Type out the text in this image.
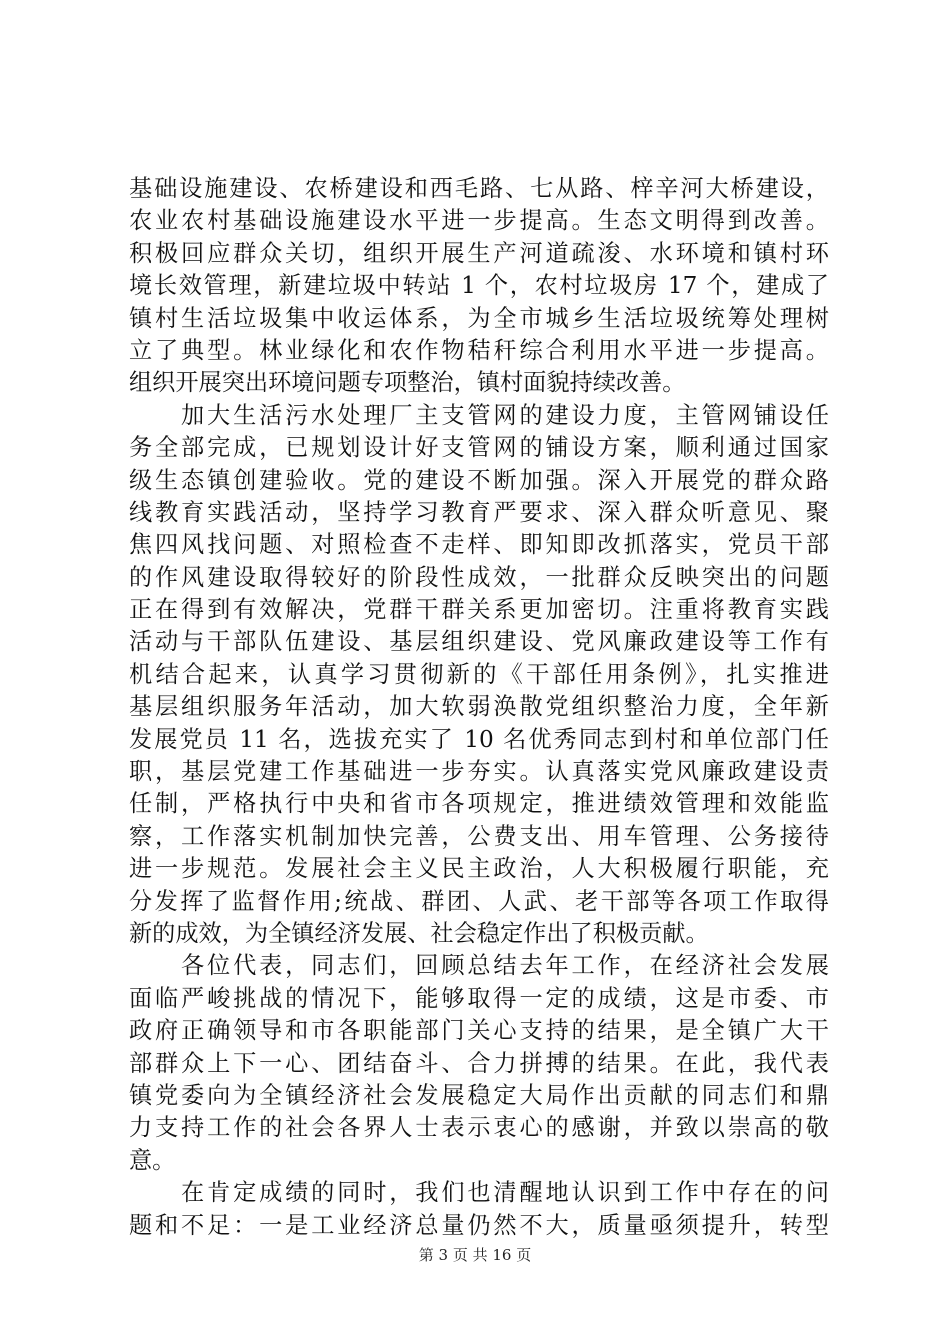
基础设施建设、农桥建设和西毛路、七从路、梓辛河大桥建设，
农业农村基础设施建设水平进一步提高。生态文明得到改善。
积极回应群众关切，组织开展生产河道疏浚、水环境和镇村环
境长效管理，新建垃圾中转站 1 个，农村垃圾房 17 个，建成了
镇村生活垃圾集中收运体系，为全市城乡生活垃圾统筹处理树
立了典型。林业绿化和农作物秸秆综合利用水平进一步提高。
组织开展突出环境问题专项整治，镇村面貌持续改善。
加大生活污水处理厂主支管网的建设力度，主管网铺设任
务全部完成，已规划设计好支管网的铺设方案，顺利通过国家
级生态镇创建验收。党的建设不断加强。深入开展党的群众路
线教育实践活动，坚持学习教育严要求、深入群众听意见、聚
焦四风找问题、对照检查不走样、即知即改抓落实，党员干部
的作风建设取得较好的阶段性成效，一批群众反映突出的问题
正在得到有效解决，党群干群关系更加密切。注重将教育实践
活动与干部队伍建设、基层组织建设、党风廉政建设等工作有
机结合起来，认真学习贯彻新的《干部任用条例》，扎实推进
基层组织服务年活动，加大软弱涣散党组织整治力度，全年新
发展党员 11 名，选拔充实了 10 名优秀同志到村和单位部门任
职，基层党建工作基础进一步夯实。认真落实党风廉政建设责
任制，严格执行中央和省市各项规定，推进绩效管理和效能监
察，工作落实机制加快完善，公费支出、用车管理、公务接待
进一步规范。发展社会主义民主政治，人大积极履行职能，充
分发挥了监督作用;统战、群团、人武、老干部等各项工作取得
新的成效，为全镇经济发展、社会稳定作出了积极贡献。
各位代表，同志们，回顾总结去年工作，在经济社会发展
面临严峻挑战的情况下，能够取得一定的成绩，这是市委、市
政府正确领导和市各职能部门关心支持的结果，是全镇广大干
部群众上下一心、团结奋斗、合力拼搏的结果。在此，我代表
镇党委向为全镇经济社会发展稳定大局作出贡献的同志们和鼎
力支持工作的社会各界人士表示衷心的感谢，并致以崇高的敬
意。
在肯定成绩的同时，我们也清醒地认识到工作中存在的问
题和不足：一是工业经济总量仍然不大，质量亟须提升，转型
第 3 页 共 16 页
